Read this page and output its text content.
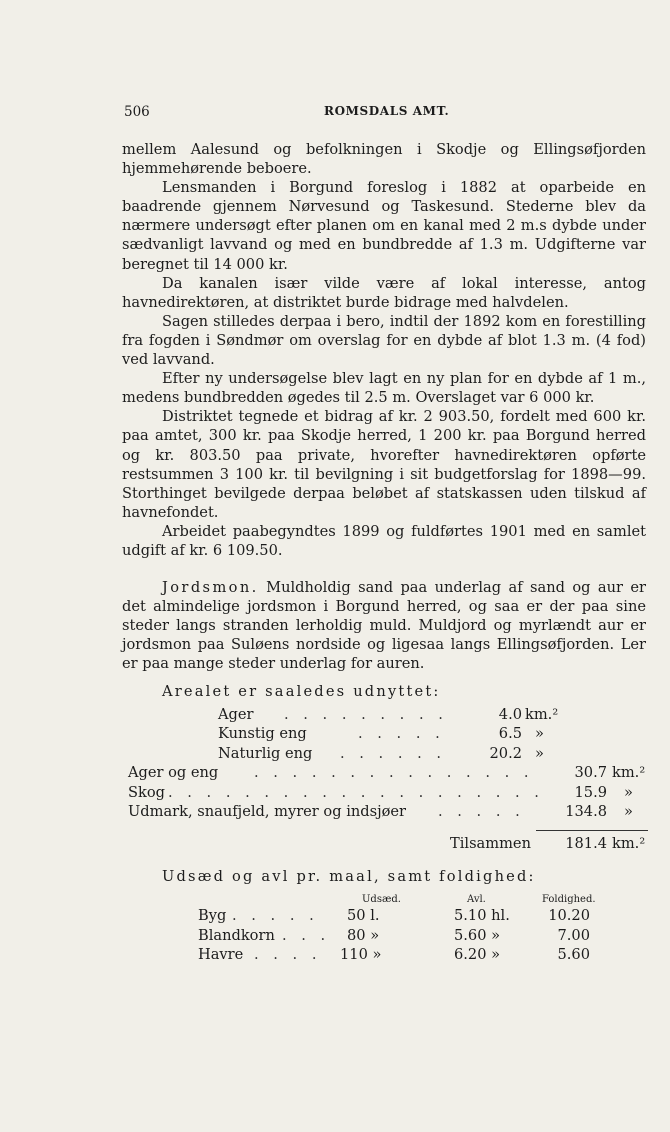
506	ROMSDALS AMT.

mellem Aalesund og befolkningen i Skodje og Ellingsøfjorden hjemmehørende beboere.

Lensmanden i Borgund foreslog i 1882 at oparbeide en baadrende gjennem Nørvesund og Taskesund. Stederne blev da nærmere undersøgt efter planen om en kanal med 2 m.s dybde under sædvanligt lavvand og med en bundbredde af 1.3 m. Udgifterne var beregnet til 14 000 kr.

Da kanalen især vilde være af lokal interesse, antog havnedirektøren, at distriktet burde bidrage med halvdelen.

Sagen stilledes derpaa i bero, indtil der 1892 kom en forestilling fra fogden i Søndmør om overslag for en dybde af blot 1.3 m. (4 fod) ved lavvand.

Efter ny undersøgelse blev lagt en ny plan for en dybde af 1 m., medens bundbredden øgedes til 2.5 m. Overslaget var 6 000 kr.

Distriktet tegnede et bidrag af kr. 2 903.50, fordelt med 600 kr. paa amtet, 300 kr. paa Skodje herred, 1 200 kr. paa Borgund herred og kr. 803.50 paa private, hvorefter havnedirektøren opførte restsummen 3 100 kr. til bevilgning i sit budgetforslag for 1898—99. Storthinget bevilgede derpaa beløbet af statskassen uden tilskud af havnefondet.

Arbeidet paabegyndtes 1899 og fuldførtes 1901 med en samlet udgift af kr. 6 109.50.

Jordsmon. Muldholdig sand paa underlag af sand og aur er det almindelige jordsmon i Borgund herred, og saa er der paa sine steder langs stranden lerholdig muld. Muldjord og myrlændt aur er jordsmon paa Suløens nordside og ligesaa langs Ellingsøfjorden. Ler er paa mange steder underlag for auren.

Arealet er saaledes udnyttet:
Ager . . . . . . . . .	4.0 km.²
Kunstig eng	. . . . .	6.5 »
Naturlig eng . . . . . .	20.2 »
Ager og eng . . . . . . . . . . . . . . .	30.7 km.²
Skog . . . . . . . . . . . . . . . . . . . .	15.9 »
Udmark, snaufjeld, myrer og indsjøer . . . . .	134.8 »
Tilsammen	181.4 km.²
Udsæd og avl pr. maal, samt foldighed:
Udsæd.	Avl.	Foldighed.
Byg . . . . . 50 l.	5.10 hl.	10.20
Blandkorn . . . 80 »	5.60 »	7.00
Havre . . . . 110 »	6.20 »	5.60
